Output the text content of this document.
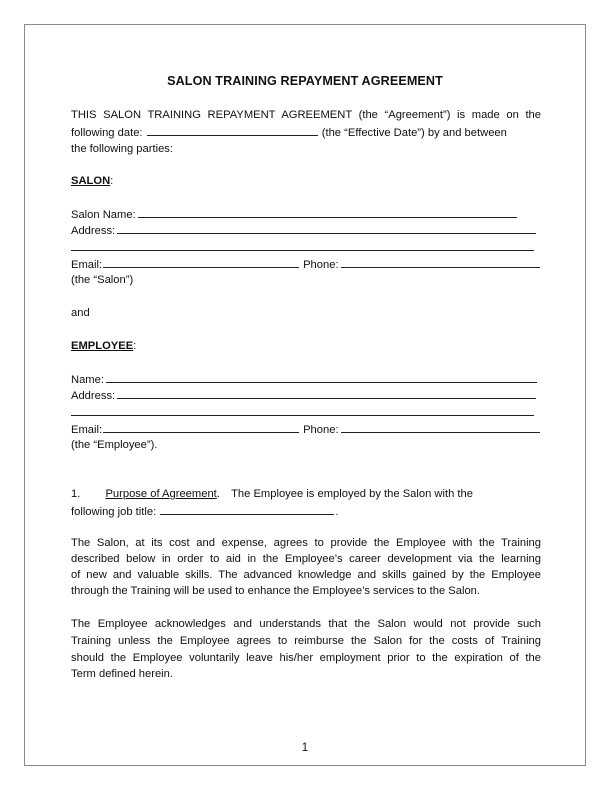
SALON TRAINING REPAYMENT AGREEMENT
THIS SALON TRAINING REPAYMENT AGREEMENT (the “Agreement”) is made on the
following date:	(the “Effective Date”) by and between
the following parties:
SALON:
Salon Name:
Address:
Email:	Phone:
(the “Salon”)
and
EMPLOYEE:
Name:
Address:
Email:	Phone:
(the “Employee”).
1. Purpose of Agreement. The Employee is employed by the Salon with the
following job title:	.
The Salon, at its cost and expense, agrees to provide the Employee with the Training
described below in order to aid in the Employee’s career development via the learning
of new and valuable skills. The advanced knowledge and skills gained by the Employee
through the Training will be used to enhance the Employee’s services to the Salon.
The Employee acknowledges and understands that the Salon would not provide such
Training unless the Employee agrees to reimburse the Salon for the costs of Training
should the Employee voluntarily leave his/her employment prior to the expiration of the
Term defined herein.
1
